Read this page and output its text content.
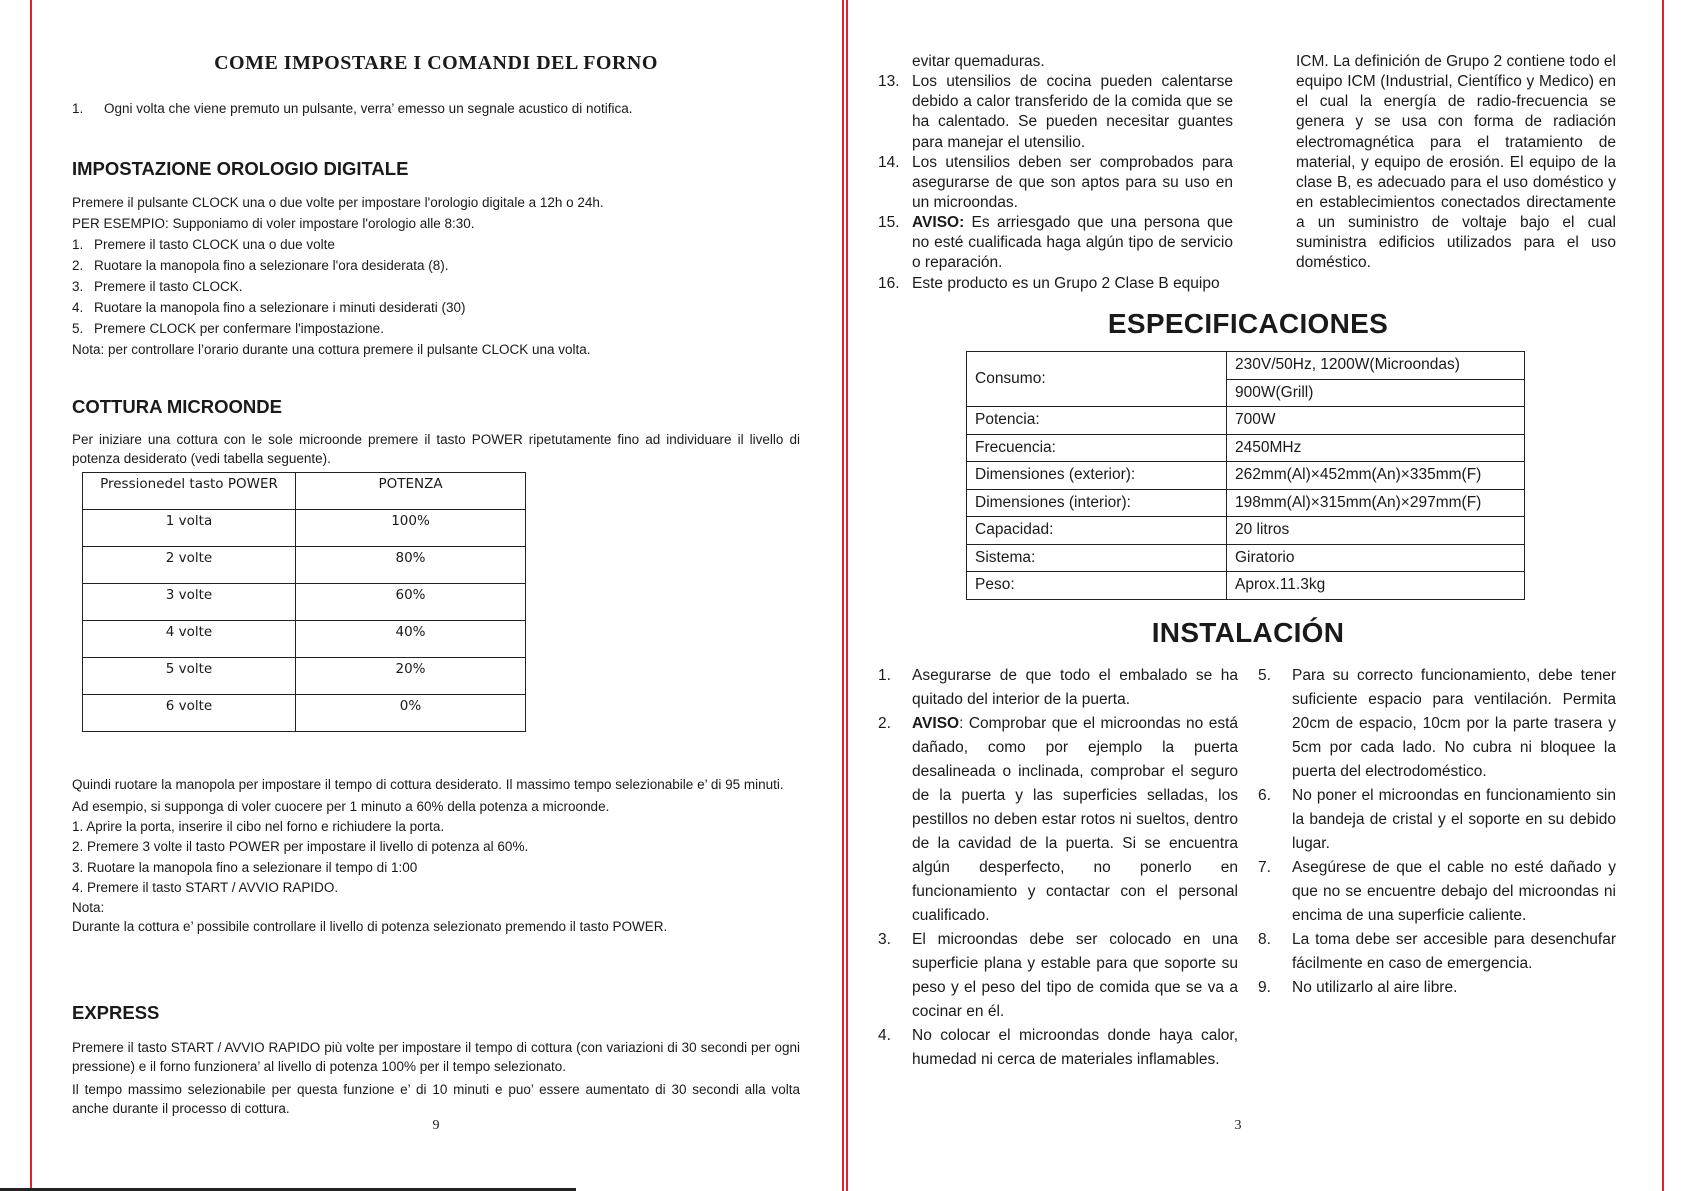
COME IMPOSTARE I COMANDI DEL FORNO
1.	Ogni volta che viene premuto un pulsante, verra’ emesso un segnale acustico di notifica.
IMPOSTAZIONE OROLOGIO DIGITALE
Premere il pulsante CLOCK una o due volte per impostare l'orologio digitale a 12h o 24h.
PER ESEMPIO: Supponiamo di voler impostare l'orologio alle 8:30.
1. Premere il tasto CLOCK una o due volte
2. Ruotare la manopola fino a selezionare l'ora desiderata (8).
3. Premere il tasto CLOCK.
4. Ruotare la manopola fino a selezionare i minuti desiderati (30)
5. Premere CLOCK per confermare l'impostazione.
Nota: per controllare l’orario durante una cottura premere il pulsante CLOCK una volta.
COTTURA MICROONDE
Per iniziare una cottura con le sole microonde premere il tasto POWER ripetutamente fino ad individuare il livello di potenza desiderato (vedi tabella seguente).
Pressionedel tasto POWER	POTENZA
1 volta	100%
2 volte	80%
3 volte	60%
4 volte	40%
5 volte	20%
6 volte	0%
Quindi ruotare la manopola per impostare il tempo di cottura desiderato. Il massimo tempo selezionabile e’ di 95 minuti.
Ad esempio, si supponga di voler cuocere per 1 minuto a 60% della potenza a microonde.
1. Aprire la porta, inserire il cibo nel forno e richiudere la porta.
2. Premere 3 volte il tasto POWER per impostare il livello di potenza al 60%.
3. Ruotare la manopola fino a selezionare il tempo di 1:00
4. Premere il tasto START / AVVIO RAPIDO.
Nota:
Durante la cottura e’ possibile controllare il livello di potenza selezionato premendo il tasto POWER.
EXPRESS
Premere il tasto START / AVVIO RAPIDO più volte per impostare il tempo di cottura (con variazioni di 30 secondi per ogni pressione) e il forno funzionera’ al livello di potenza 100% per il tempo selezionato.
Il tempo massimo selezionabile per questa funzione e’ di 10 minuti e puo’ essere aumentato di 30 secondi alla volta anche durante il processo di cottura.
9
evitar quemaduras.
13. Los utensilios de cocina pueden calentarse debido a calor transferido de la comida que se ha calentado. Se pueden necesitar guantes para manejar el utensilio.
14. Los utensilios deben ser comprobados para asegurarse de que son aptos para su uso en un microondas.
15. AVISO: Es arriesgado que una persona que no esté cualificada haga algún tipo de servicio o reparación.
16. Este producto es un Grupo 2 Clase B equipo
ICM. La definición de Grupo 2 contiene todo el equipo ICM (Industrial, Científico y Medico) en el cual la energía de radio-frecuencia se genera y se usa con forma de radiación electromagnética para el tratamiento de material, y equipo de erosión. El equipo de la clase B, es adecuado para el uso doméstico y en establecimientos conectados directamente a un suministro de voltaje bajo el cual suministra edificios utilizados para el uso doméstico.
ESPECIFICACIONES
Consumo:	230V/50Hz, 1200W(Microondas)
	900W(Grill)
Potencia:	700W
Frecuencia:	2450MHz
Dimensiones (exterior):	262mm(Al)×452mm(An)×335mm(F)
Dimensiones (interior):	198mm(Al)×315mm(An)×297mm(F)
Capacidad:	20 litros
Sistema:	Giratorio
Peso:	Aprox.11.3kg
INSTALACIÓN
1.	Asegurarse de que todo el embalado se ha quitado del interior de la puerta.
2.	AVISO: Comprobar que el microondas no está dañado, como por ejemplo la puerta desalineada o inclinada, comprobar el seguro de la puerta y las superficies selladas, los pestillos no deben estar rotos ni sueltos, dentro de la cavidad de la puerta. Si se encuentra algún desperfecto, no ponerlo en funcionamiento y contactar con el personal cualificado.
3.	El microondas debe ser colocado en una superficie plana y estable para que soporte su peso y el peso del tipo de comida que se va a cocinar en él.
4.	No colocar el microondas donde haya calor, humedad ni cerca de materiales inflamables.
5.	Para su correcto funcionamiento, debe tener suficiente espacio para ventilación. Permita 20cm de espacio, 10cm por la parte trasera y 5cm por cada lado. No cubra ni bloquee la puerta del electrodoméstico.
6.	No poner el microondas en funcionamiento sin la bandeja de cristal y el soporte en su debido lugar.
7.	Asegúrese de que el cable no esté dañado y que no se encuentre debajo del microondas ni encima de una superficie caliente.
8.	La toma debe ser accesible para desenchufar fácilmente en caso de emergencia.
9.	No utilizarlo al aire libre.
3
